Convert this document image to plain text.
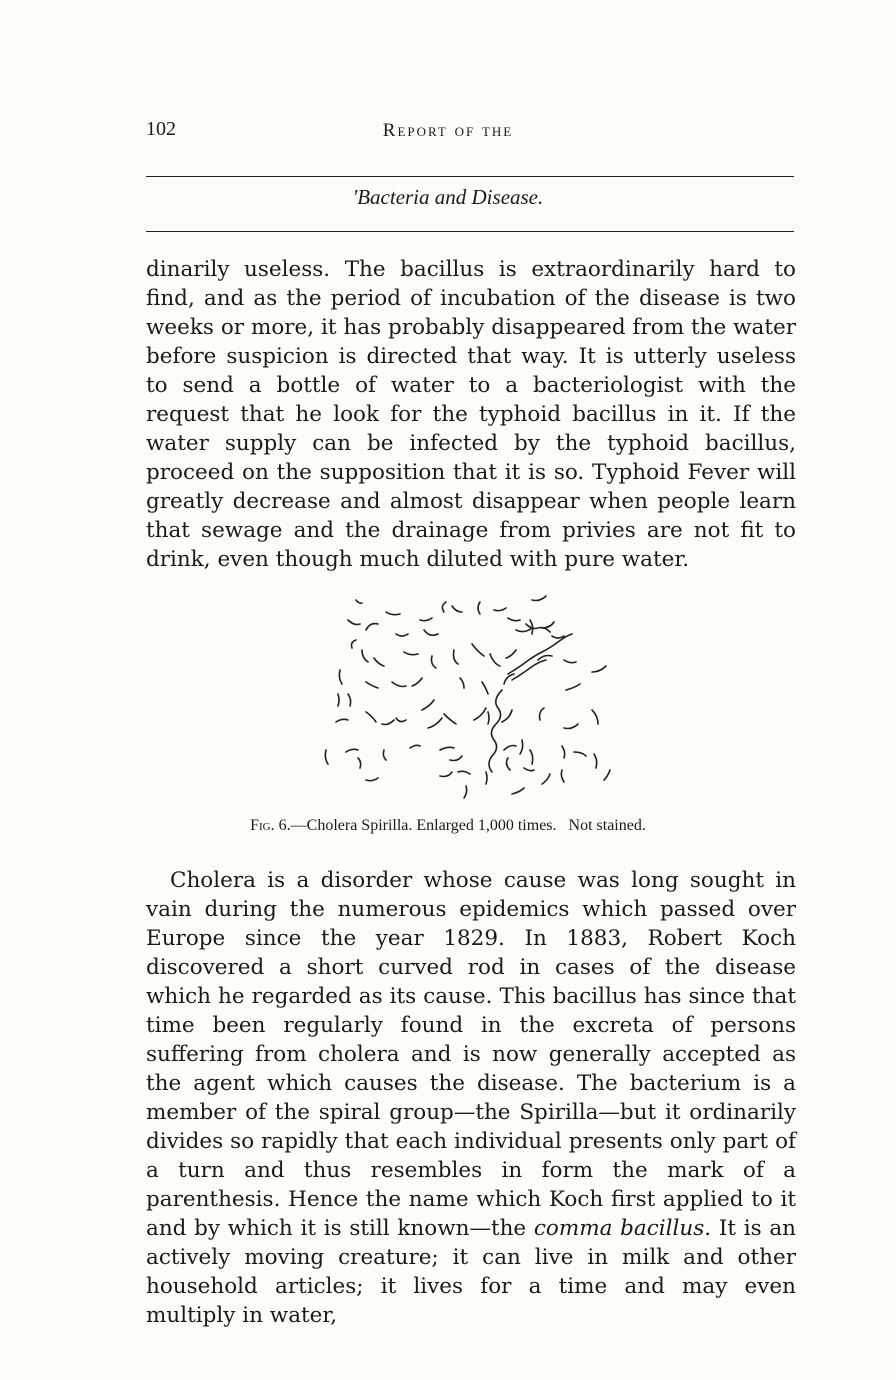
102	Report of the
'Bacteria and Disease.

dinarily useless. The bacillus is extraordinarily hard to find, and as the period of incubation of the disease is two weeks or more, it has probably disappeared from the water before suspicion is directed that way. It is utterly useless to send a bottle of water to a bacteriologist with the request that he look for the typhoid bacillus in it. If the water supply can be infected by the typhoid bacillus, proceed on the supposition that it is so. Typhoid Fever will greatly decrease and almost disappear when people learn that sewage and the drainage from privies are not fit to drink, even though much diluted with pure water.

Fig. 6.—Cholera Spirilla. Enlarged 1,000 times. Not stained.

Cholera is a disorder whose cause was long sought in vain during the numerous epidemics which passed over Europe since the year 1829. In 1883, Robert Koch discovered a short curved rod in cases of the disease which he regarded as its cause. This bacillus has since that time been regularly found in the excreta of persons suffering from cholera and is now generally accepted as the agent which causes the disease. The bacterium is a member of the spiral group—the Spirilla—but it ordinarily divides so rapidly that each individual presents only part of a turn and thus resembles in form the mark of a parenthesis. Hence the name which Koch first applied to it and by which it is still known—the comma bacillus. It is an actively moving creature; it can live in milk and other household articles; it lives for a time and may even multiply in water,
